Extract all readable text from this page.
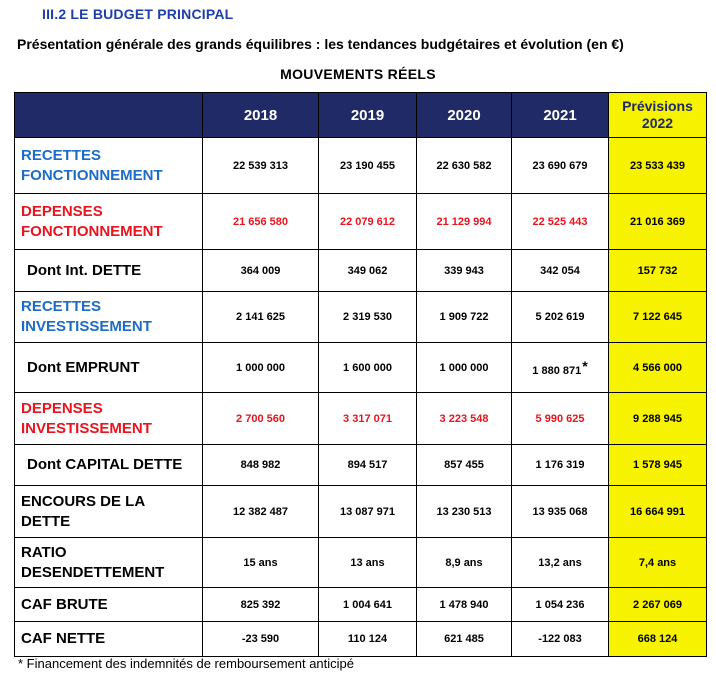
III.2 LE BUDGET PRINCIPAL
Présentation générale des grands équilibres : les tendances budgétaires et évolution (en €)
MOUVEMENTS RÉELS
	2018	2019	2020	2021	Prévisions
2022
RECETTES
FONCTIONNEMENT	22 539 313	23 190 455	22 630 582	23 690 679	23 533 439
DEPENSES
FONCTIONNEMENT	21 656 580	22 079 612	21 129 994	22 525 443	21 016 369
Dont Int. DETTE	364 009	349 062	339 943	342 054	157 732
RECETTES
INVESTISSEMENT	2 141 625	2 319 530	1 909 722	5 202 619	7 122 645
Dont EMPRUNT	1 000 000	1 600 000	1 000 000	1 880 871*	4 566 000
DEPENSES
INVESTISSEMENT	2 700 560	3 317 071	3 223 548	5 990 625	9 288 945
Dont CAPITAL DETTE	848 982	894 517	857 455	1 176 319	1 578 945
ENCOURS DE LA
DETTE	12 382 487	13 087 971	13 230 513	13 935 068	16 664 991
RATIO
DESENDETTEMENT	15 ans	13 ans	8,9 ans	13,2 ans	7,4 ans
CAF BRUTE	825 392	1 004 641	1 478 940	1 054 236	2 267 069
CAF NETTE	-23 590	110 124	621 485	-122 083	668 124
* Financement des indemnités de remboursement anticipé
